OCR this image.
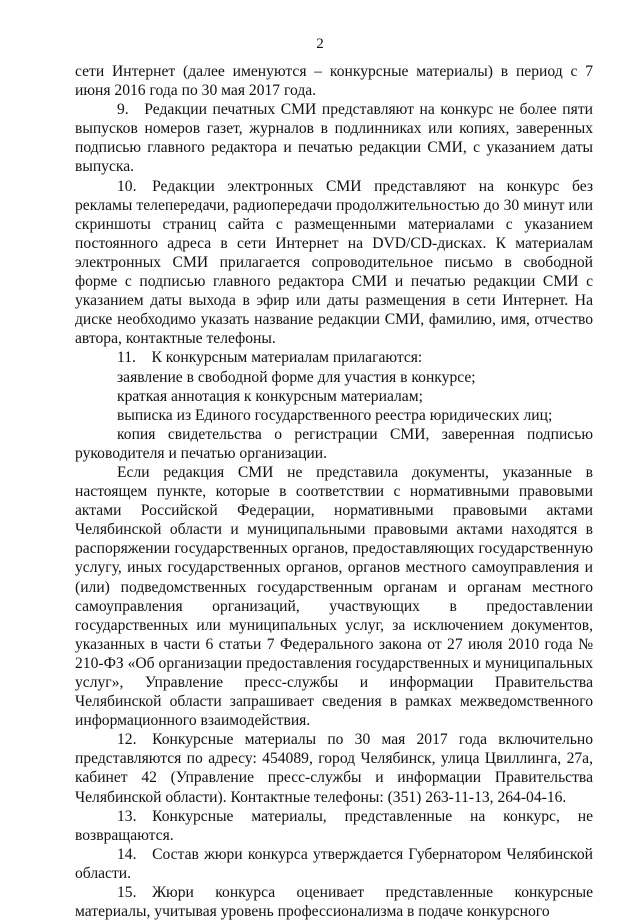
2

сети Интернет (далее именуются – конкурсные материалы) в период с 7 июня 2016 года по 30 мая 2017 года.

9. Редакции печатных СМИ представляют на конкурс не более пяти выпусков номеров газет, журналов в подлинниках или копиях, заверенных подписью главного редактора и печатью редакции СМИ, с указанием даты выпуска.

10. Редакции электронных СМИ представляют на конкурс без рекламы телепередачи, радиопередачи продолжительностью до 30 минут или скриншоты страниц сайта с размещенными материалами с указанием постоянного адреса в сети Интернет на DVD/CD-дисках. К материалам электронных СМИ прилагается сопроводительное письмо в свободной форме с подписью главного редактора СМИ и печатью редакции СМИ с указанием даты выхода в эфир или даты размещения в сети Интернет. На диске необходимо указать название редакции СМИ, фамилию, имя, отчество автора, контактные телефоны.

11. К конкурсным материалам прилагаются:

заявление в свободной форме для участия в конкурсе;

краткая аннотация к конкурсным материалам;

выписка из Единого государственного реестра юридических лиц;

копия свидетельства о регистрации СМИ, заверенная подписью руководителя и печатью организации.

Если редакция СМИ не представила документы, указанные в настоящем пункте, которые в соответствии с нормативными правовыми актами Российской Федерации, нормативными правовыми актами Челябинской области и муниципальными правовыми актами находятся в распоряжении государственных органов, предоставляющих государственную услугу, иных государственных органов, органов местного самоуправления и (или) подведомственных государственным органам и органам местного самоуправления организаций, участвующих в предоставлении государственных или муниципальных услуг, за исключением документов, указанных в части 6 статьи 7 Федерального закона от 27 июля 2010 года № 210-ФЗ «Об организации предоставления государственных и муниципальных услуг», Управление пресс-службы и информации Правительства Челябинской области запрашивает сведения в рамках межведомственного информационного взаимодействия.

12. Конкурсные материалы по 30 мая 2017 года включительно представляются по адресу: 454089, город Челябинск, улица Цвиллинга, 27а, кабинет 42 (Управление пресс-службы и информации Правительства Челябинской области). Контактные телефоны: (351) 263-11-13, 264-04-16.

13. Конкурсные материалы, представленные на конкурс, не возвращаются.

14. Состав жюри конкурса утверждается Губернатором Челябинской области.

15. Жюри конкурса оценивает представленные конкурсные материалы, учитывая уровень профессионализма в подаче конкурсного
